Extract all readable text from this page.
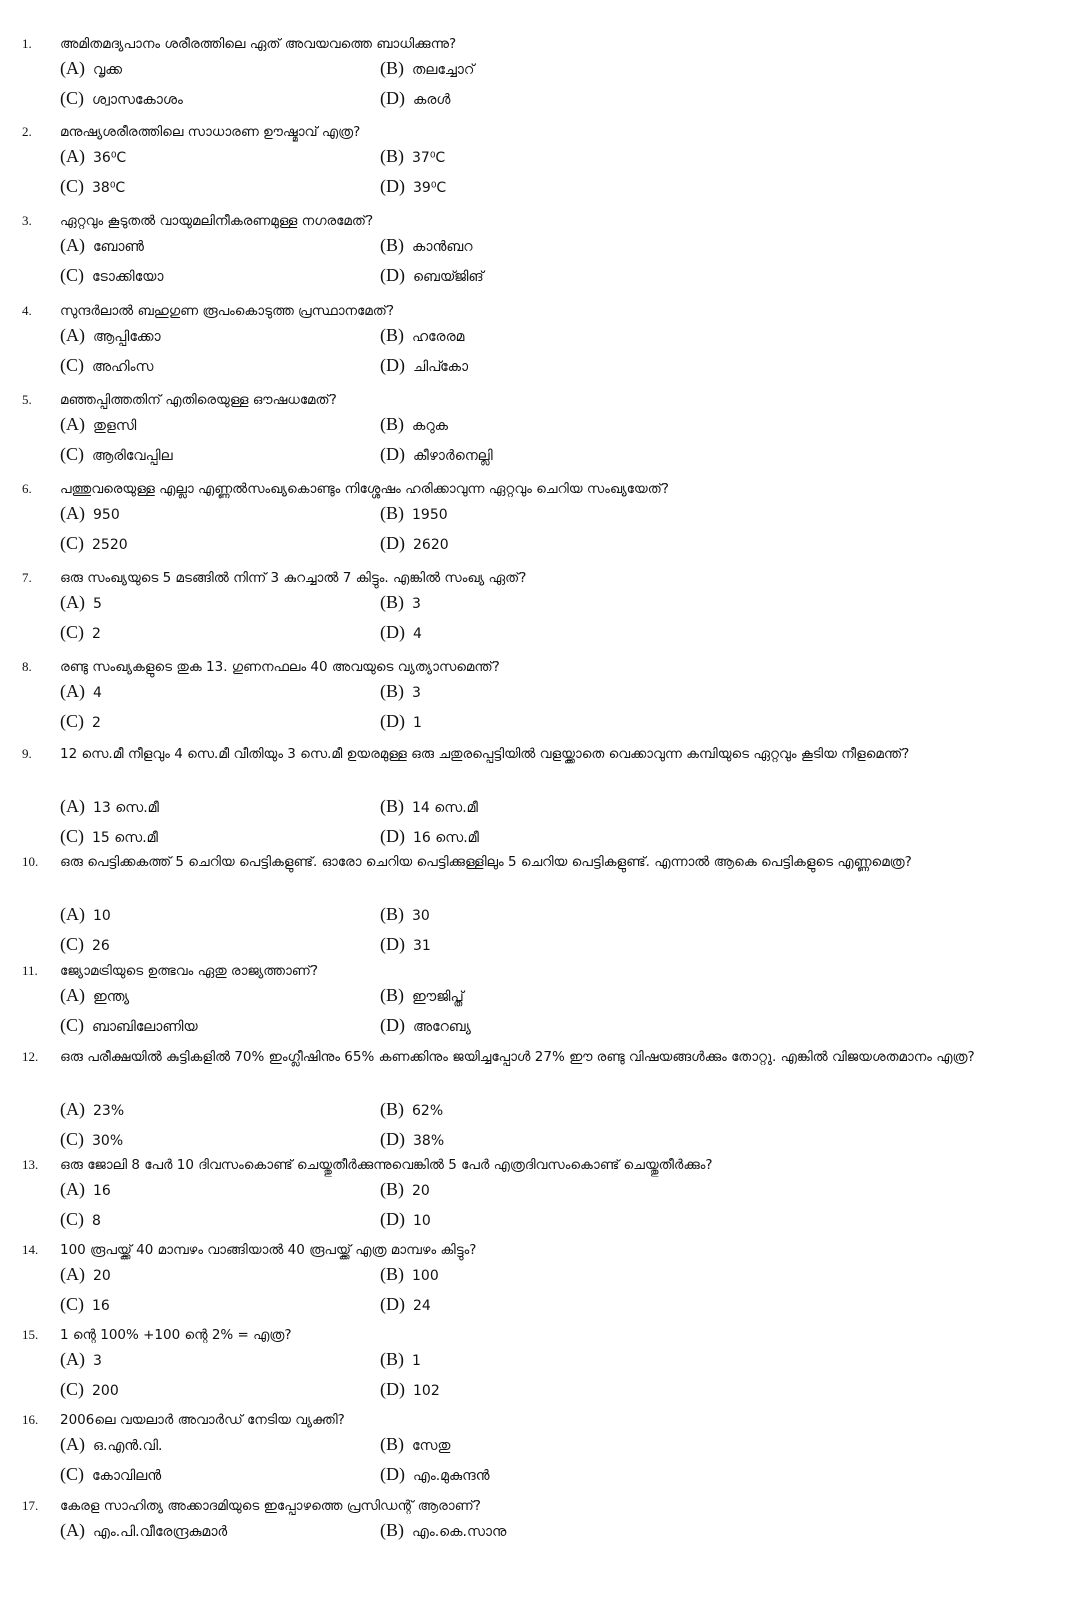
1. അമിതമദ്യപാനം ശരീരത്തിലെ ഏത് അവയവത്തെ ബാധിക്കുന്നു?
(A) വൃക്ക	(B) തലച്ചോറ്
(C) ശ്വാസകോശം	(D) കരൾ
2. മനുഷ്യശരീരത്തിലെ സാധാരണ ഊഷ്മാവ് എത്ര?
(A) 36⁰C	(B) 37⁰C
(C) 38⁰C	(D) 39⁰C
3. ഏറ്റവും കൂടുതൽ വായുമലിനീകരണമുള്ള നഗരമേത്?
(A) ബോൺ	(B) കാൻബറ
(C) ടോക്കിയോ	(D) ബെയ്ജിങ്
4. സുന്ദർലാൽ ബഹുഗുണ രൂപംകൊടുത്ത പ്രസ്ഥാനമേത്?
(A) ആപ്പിക്കോ	(B) ഹരേരമ
(C) അഹിംസ	(D) ചിപ്കോ
5. മഞ്ഞപ്പിത്തതിന് എതിരെയുള്ള ഔഷധമേത്?
(A) തുളസി	(B) കറുക
(C) ആരിവേപ്പില	(D) കീഴാർനെല്ലി
6. പത്തുവരെയുള്ള എല്ലാ എണ്ണൽസംഖ്യകൊണ്ടും നിശ്ശേഷം ഹരിക്കാവുന്ന ഏറ്റവും ചെറിയ സംഖ്യയേത്?
(A) 950	(B) 1950
(C) 2520	(D) 2620
7. ഒരു സംഖ്യയുടെ 5 മടങ്ങിൽ നിന്ന് 3 കുറച്ചാൽ 7 കിട്ടും. എങ്കിൽ സംഖ്യ ഏത്?
(A) 5	(B) 3
(C) 2	(D) 4
8. രണ്ടു സംഖ്യകളുടെ തുക 13. ഗുണനഫലം 40 അവയുടെ വ്യത്യാസമെന്ത്?
(A) 4	(B) 3
(C) 2	(D) 1
9. 12 സെ.മീ നീളവും 4 സെ.മീ വീതിയും 3 സെ.മീ ഉയരമുള്ള ഒരു ചതുരപ്പെട്ടിയിൽ വളയ്ക്കാതെ വെക്കാവുന്ന കമ്പിയുടെ ഏറ്റവും കൂടിയ നീളമെന്ത്?
(A) 13 സെ.മീ	(B) 14 സെ.മീ
(C) 15 സെ.മീ	(D) 16 സെ.മീ
10. ഒരു പെട്ടിക്കകത്ത് 5 ചെറിയ പെട്ടികളുണ്ട്. ഓരോ ചെറിയ പെട്ടിക്കുള്ളിലും 5 ചെറിയ പെട്ടികളുണ്ട്. എന്നാൽ ആകെ പെട്ടികളുടെ എണ്ണമെത്ര?
(A) 10	(B) 30
(C) 26	(D) 31
11. ജ്യോമട്രിയുടെ ഉത്ഭവം ഏതു രാജ്യത്താണ്?
(A) ഇന്ത്യ	(B) ഈജിപ്ത്
(C) ബാബിലോണിയ	(D) അറേബ്യ
12. ഒരു പരീക്ഷയിൽ കുട്ടികളിൽ 70% ഇംഗ്ലീഷിനും 65% കണക്കിനും ജയിച്ചപ്പോൾ 27% ഈ രണ്ടു വിഷയങ്ങൾക്കും തോറ്റു. എങ്കിൽ വിജയശതമാനം എത്ര?
(A) 23%	(B) 62%
(C) 30%	(D) 38%
13. ഒരു ജോലി 8 പേർ 10 ദിവസംകൊണ്ട് ചെയ്തുതീർക്കുന്നുവെങ്കിൽ 5 പേർ എത്രദിവസംകൊണ്ട് ചെയ്തുതീർക്കും?
(A) 16	(B) 20
(C) 8	(D) 10
14. 100 രൂപയ്ക്ക് 40 മാമ്പഴം വാങ്ങിയാൽ 40 രൂപയ്ക്ക് എത്ര മാമ്പഴം കിട്ടും?
(A) 20	(B) 100
(C) 16	(D) 24
15. 1 ന്റെ 100% +100 ന്റെ 2% = എത്ര?
(A) 3	(B) 1
(C) 200	(D) 102
16. 2006ലെ വയലാർ അവാർഡ് നേടിയ വ്യക്തി?
(A) ഒ.എൻ.വി.	(B) സേതു
(C) കോവിലൻ	(D) എം.മുകുന്ദൻ
17. കേരള സാഹിത്യ അക്കാദമിയുടെ ഇപ്പോഴത്തെ പ്രസിഡന്റ് ആരാണ്?
(A) എം.പി.വീരേന്ദ്രകുമാർ	(B) എം.കെ.സാനു
